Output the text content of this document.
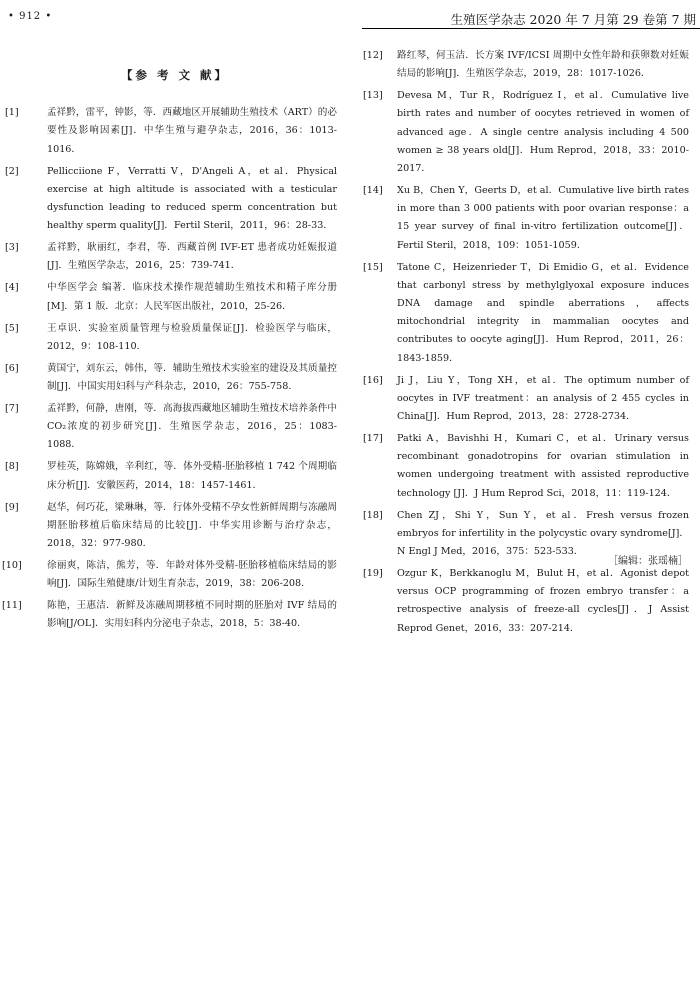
• 912 •	生殖医学杂志 2020 年 7 月第 29 卷第 7 期
【参 考 文 献】
[1]	孟祥黔，雷平，钟影，等．西藏地区开展辅助生殖技术（ART）的必要性及影响因素[J]．中华生殖与避孕杂志，2016，36：1013-1016．
[2]	Pellicciione F，Verratti V，D'Angeli A，et al．Physical exercise at high altitude is associated with a testicular dysfunction leading to reduced sperm concentration but healthy sperm quality[J]．Fertil Steril，2011，96：28-33．
[3]	孟祥黔，耿丽红，李君，等．西藏首例 IVF-ET 患者成功妊娠报道[J]．生殖医学杂志，2016，25：739-741．
[4]	中华医学会 编著．临床技术操作规范辅助生殖技术和精子库分册[M]．第 1 版．北京：人民军医出版社，2010，25-26．
[5]	王卓识．实验室质量管理与检验质量保证[J]．检验医学与临床，2012，9：108-110．
[6]	黄国宁，刘东云，韩伟，等．辅助生殖技术实验室的建设及其质量控制[J]．中国实用妇科与产科杂志，2010，26：755-758．
[7]	孟祥黔，何静，唐刚，等．高海拔西藏地区辅助生殖技术培养条件中 CO₂浓度的初步研究[J]．生殖医学杂志，2016，25：1083-1088．
[8]	罗桂英，陈嫦娥，辛利红，等．体外受精-胚胎移植 1 742 个周期临床分析[J]．安徽医药，2014，18：1457-1461．
[9]	赵华，何巧花，梁琳琳，等．行体外受精不孕女性新鲜周期与冻融周期胚胎移植后临床结局的比较[J]．中华实用诊断与治疗杂志，2018，32：977-980．
[10]	徐丽爽，陈洁，熊芳，等．年龄对体外受精-胚胎移植临床结局的影响[J]．国际生殖健康/计划生育杂志，2019，38：206-208．
[11]	陈艳，王惠洁．新鲜及冻融周期移植不同时期的胚胎对 IVF 结局的影响[J/OL]．实用妇科内分泌电子杂志，2018，5：38-40．
[12]	路红琴，何玉洁．长方案 IVF/ICSI 周期中女性年龄和获卵数对妊娠结局的影响[J]．生殖医学杂志，2019，28：1017-1026．
[13]	Devesa M，Tur R，Rodríguez I，et al．Cumulative live birth rates and number of oocytes retrieved in women of advanced age．A single centre analysis including 4 500 women ≥ 38 years old[J]．Hum Reprod，2018，33：2010-2017．
[14]	Xu B，Chen Y，Geerts D，et al．Cumulative live birth rates in more than 3 000 patients with poor ovarian response：a 15 year survey of final in-vitro fertilization outcome[J]．Fertil Steril，2018，109：1051-1059．
[15]	Tatone C，Heizenrieder T，Di Emidio G，et al．Evidence that carbonyl stress by methylglyoxal exposure induces DNA damage and spindle aberrations，affects mitochondrial integrity in mammalian oocytes and contributes to oocyte aging[J]．Hum Reprod，2011，26：1843-1859．
[16]	Ji J，Liu Y，Tong XH，et al．The optimum number of oocytes in IVF treatment：an analysis of 2 455 cycles in China[J]．Hum Reprod，2013，28：2728-2734．
[17]	Patki A，Bavishhi H，Kumari C，et al．Urinary versus recombinant gonadotropins for ovarian stimulation in women undergoing treatment with assisted reproductive technology [J]．J Hum Reprod Sci，2018，11：119-124．
[18]	Chen ZJ，Shi Y，Sun Y，et al．Fresh versus frozen embryos for infertility in the polycystic ovary syndrome[J]．N Engl J Med，2016，375：523-533．
[19]	Ozgur K，Berkkanoglu M，Bulut H，et al．Agonist depot versus OCP programming of frozen embryo transfer：a retrospective analysis of freeze-all cycles[J]．J Assist Reprod Genet，2016，33：207-214．
［编辑：张瑶楠］
